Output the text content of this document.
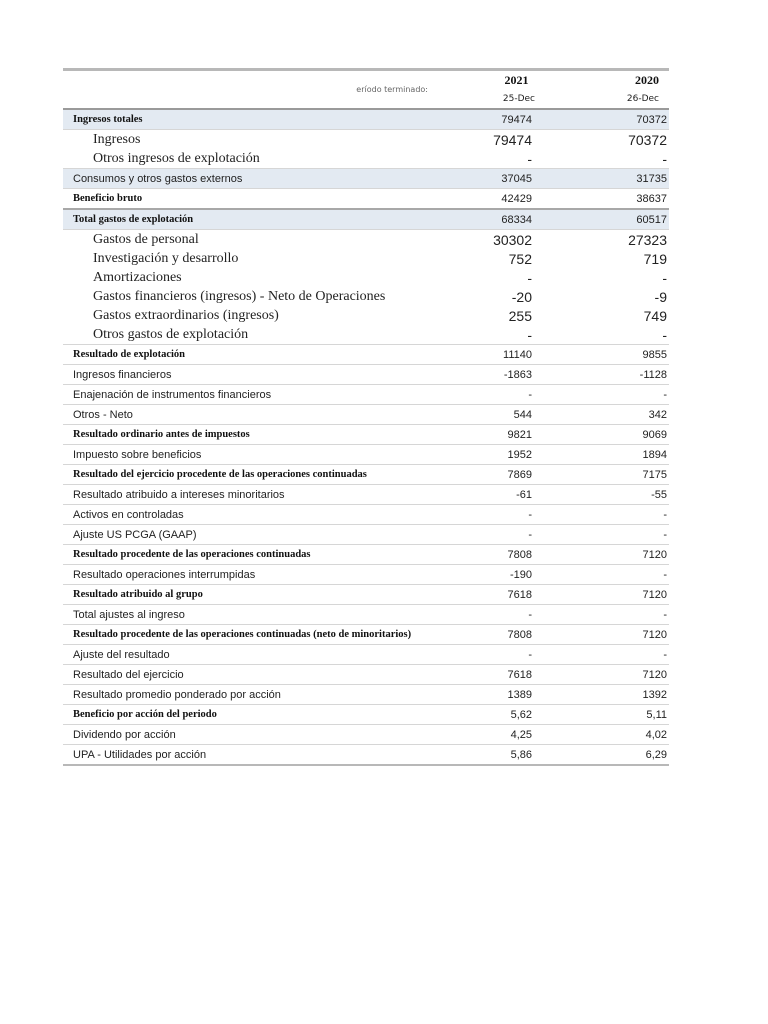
eríodo terminado:	2021	2020
	25-Dec	26-Dec
Ingresos totales	79474	70372
Ingresos	79474	70372
Otros ingresos de explotación	-	-
Consumos y otros gastos externos	37045	31735
Beneficio bruto	42429	38637
Total gastos de explotación	68334	60517
Gastos de personal	30302	27323
Investigación y desarrollo	752	719
Amortizaciones	-	-
Gastos financieros (ingresos) - Neto de Operaciones	-20	-9
Gastos extraordinarios (ingresos)	255	749
Otros gastos de explotación	-	-
Resultado de explotación	11140	9855
Ingresos financieros	-1863	-1128
Enajenación de instrumentos financieros	-	-
Otros - Neto	544	342
Resultado ordinario antes de impuestos	9821	9069
Impuesto sobre beneficios	1952	1894
Resultado del ejercicio procedente de las operaciones continuadas	7869	7175
Resultado atribuido a intereses minoritarios	-61	-55
Activos en controladas	-	-
Ajuste US PCGA (GAAP)	-	-
Resultado procedente de las operaciones continuadas	7808	7120
Resultado operaciones interrumpidas	-190	-
Resultado atribuido al grupo	7618	7120
Total ajustes al ingreso	-	-
Resultado procedente de las operaciones continuadas (neto de minoritarios)	7808	7120
Ajuste del resultado	-	-
Resultado del ejercicio	7618	7120
Resultado promedio ponderado por acción	1389	1392
Beneficio por acción del periodo	5,62	5,11
Dividendo por acción	4,25	4,02
UPA - Utilidades por acción	5,86	6,29
